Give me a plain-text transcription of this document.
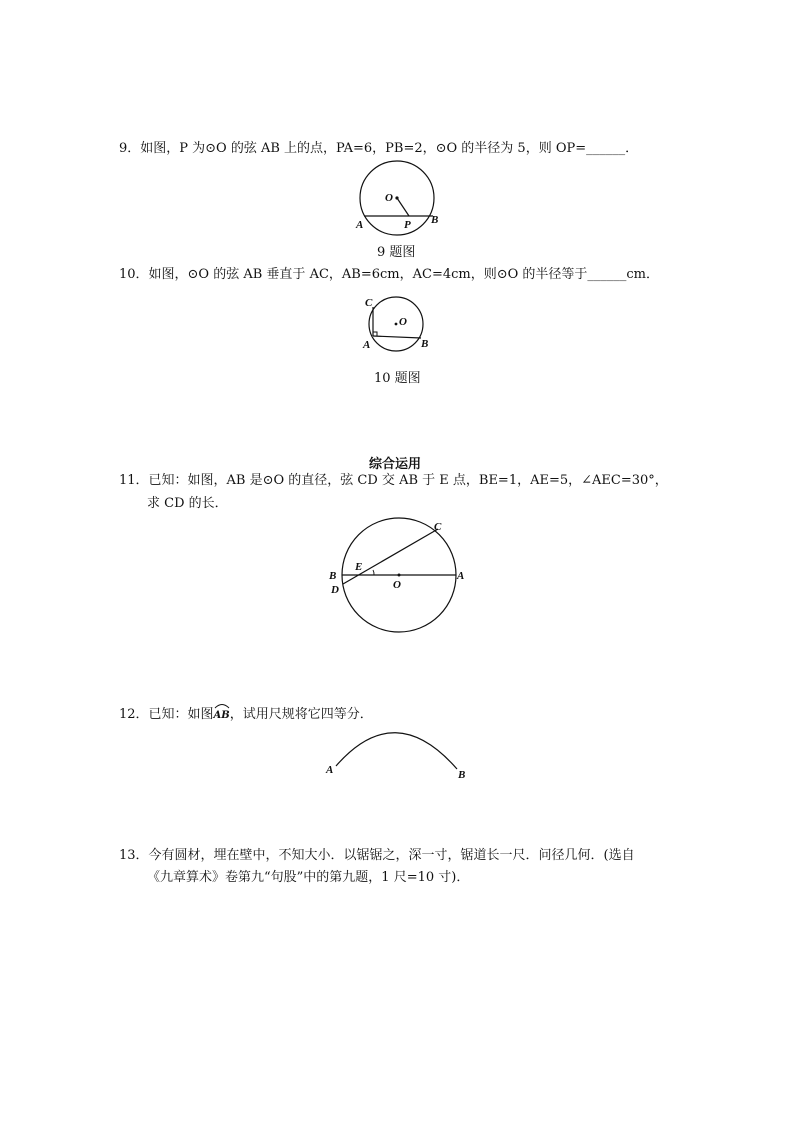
9．如图，P 为⊙O 的弦 AB 上的点，PA=6，PB=2，⊙O 的半径为 5，则 OP=______．
O
A	B
P
9 题图
10．如图，⊙O 的弦 AB 垂直于 AC，AB=6cm，AC=4cm，则⊙O 的半径等于______cm．
C
O
A	B
10 题图
综合运用
11．已知：如图，AB 是⊙O 的直径，弦 CD 交 AB 于 E 点，BE=1，AE=5，∠AEC=30°，
求 CD 的长．
C
E
B
D	O
A
12．已知：如图
AB，试用尺规将它四等分．
A	B
13．今有圆材，埋在壁中，不知大小．以锯锯之，深一寸，锯道长一尺．问径几何．(选自
《九章算术》卷第九“句股”中的第九题，1 尺=10 寸)．
